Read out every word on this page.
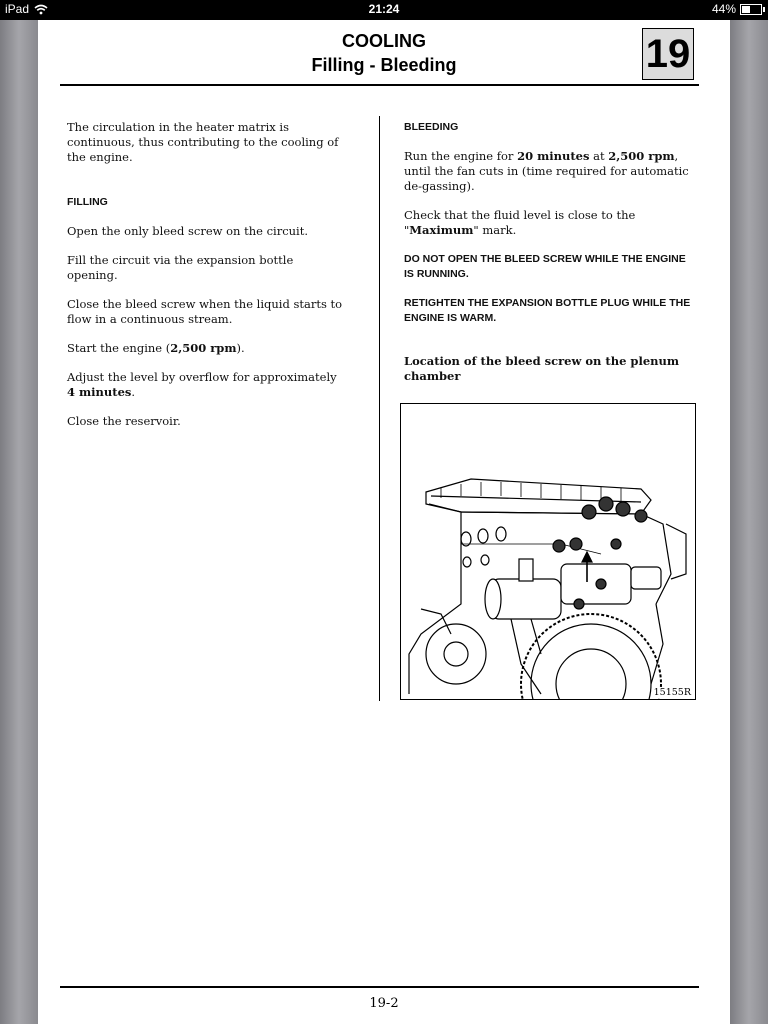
iPad	21:24	44%
COOLING
Filling - Bleeding	19

The circulation in the heater matrix is continuous, thus contributing to the cooling of the engine.

FILLING

Open the only bleed screw on the circuit.

Fill the circuit via the expansion bottle opening.

Close the bleed screw when the liquid starts to flow in a continuous stream.

Start the engine (2,500 rpm).

Adjust the level by overflow for approximately
4 minutes.

Close the reservoir.

BLEEDING

Run the engine for 20 minutes at 2,500 rpm, until the fan cuts in (time required for automatic de-gassing).

Check that the fluid level is close to the "Maximum" mark.

DO NOT OPEN THE BLEED SCREW WHILE THE ENGINE IS RUNNING.

RETIGHTEN THE EXPANSION BOTTLE PLUG WHILE THE ENGINE IS WARM.

Location of the bleed screw on the plenum chamber

15155R
19-2
